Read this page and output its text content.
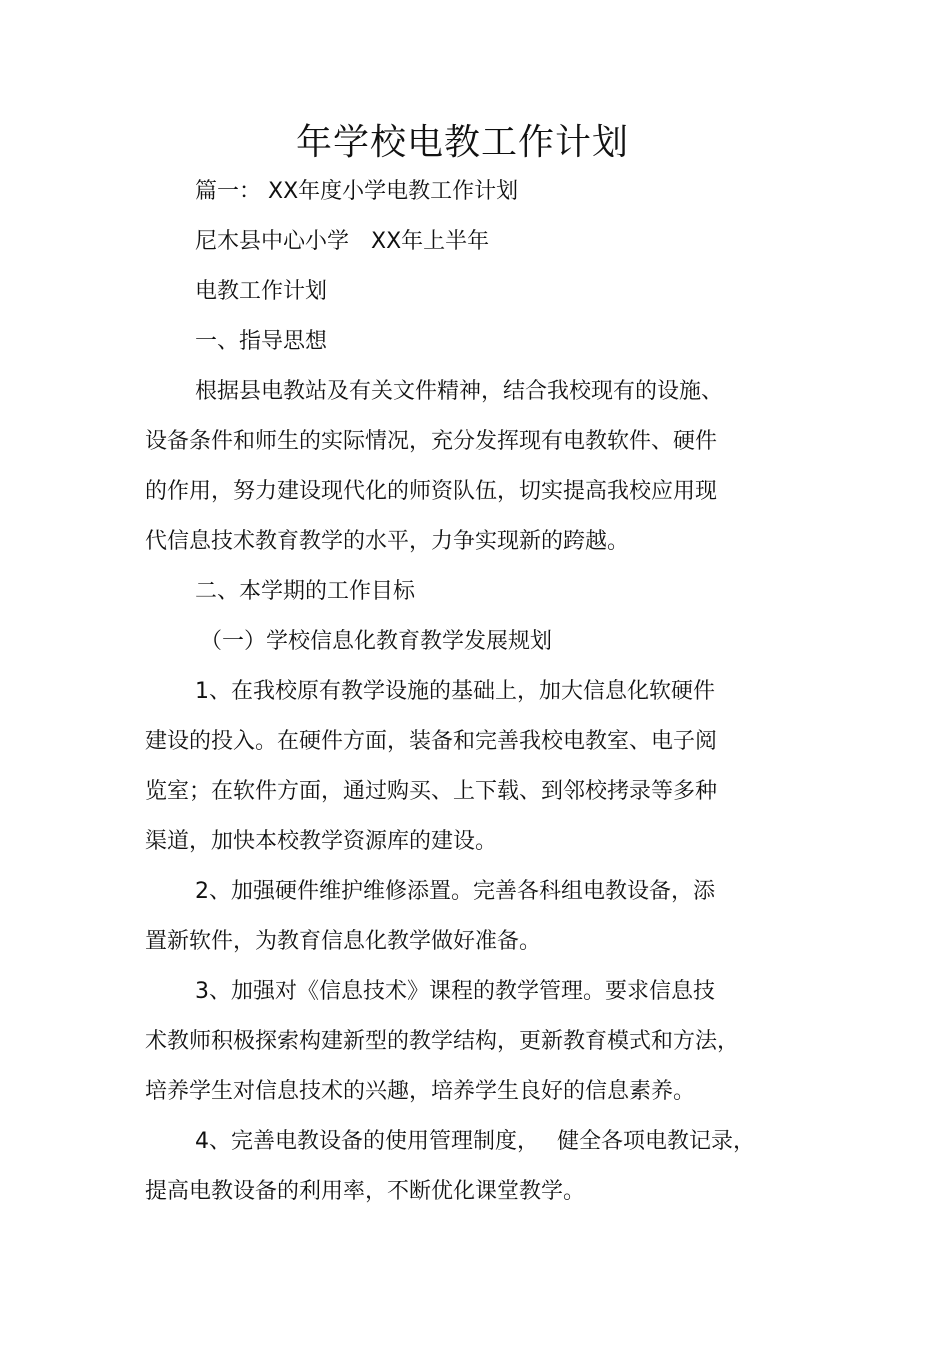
年学校电教工作计划
篇一： XX年度小学电教工作计划
尼木县中心小学　XX年上半年
电教工作计划
一、指导思想
根据县电教站及有关文件精神，结合我校现有的设施、
设备条件和师生的实际情况，充分发挥现有电教软件、硬件
的作用，努力建设现代化的师资队伍，切实提高我校应用现
代信息技术教育教学的水平，力争实现新的跨越。
二、本学期的工作目标
（一）学校信息化教育教学发展规划
1、在我校原有教学设施的基础上，加大信息化软硬件
建设的投入。在硬件方面，装备和完善我校电教室、电子阅
览室；在软件方面，通过购买、上下载、到邻校拷录等多种
渠道，加快本校教学资源库的建设。
2、加强硬件维护维修添置。完善各科组电教设备，添
置新软件，为教育信息化教学做好准备。
3、加强对《信息技术》课程的教学管理。要求信息技
术教师积极探索构建新型的教学结构，更新教育模式和方法，
培养学生对信息技术的兴趣，培养学生良好的信息素养。
4、完善电教设备的使用管理制度，　 健全各项电教记录，
提高电教设备的利用率，不断优化课堂教学。
